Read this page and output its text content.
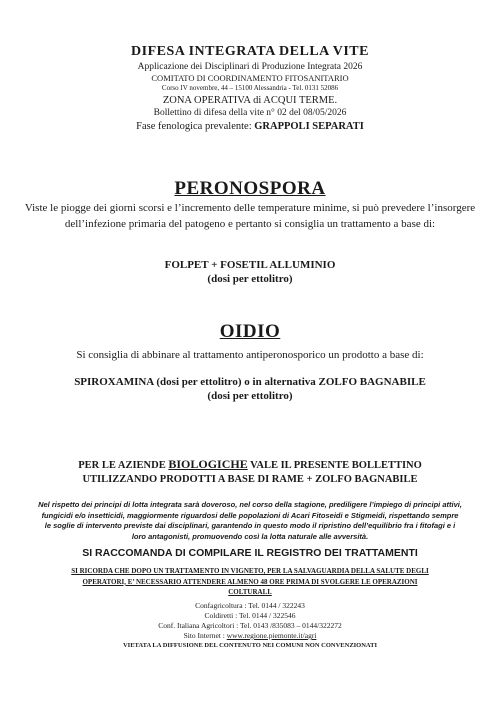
DIFESA INTEGRATA DELLA VITE
Applicazione dei Disciplinari di Produzione Integrata 2026
COMITATO DI COORDINAMENTO FITOSANITARIO
Corso IV novembre, 44 – 15100 Alessandria - Tel. 0131 52086
ZONA OPERATIVA di ACQUI TERME.
Bollettino di difesa della vite n° 02 del 08/05/2026
Fase fenologica prevalente: GRAPPOLI SEPARATI
PERONOSPORA
Viste le piogge dei giorni scorsi e l’incremento delle temperature minime, si può prevedere l’insorgere dell’infezione primaria del patogeno e pertanto si consiglia un trattamento a base di:
FOLPET + FOSETIL ALLUMINIO
(dosi per ettolitro)
OIDIO
Si consiglia di abbinare al trattamento antiperonosporico un prodotto a base di:
SPIROXAMINA (dosi per ettolitro) o in alternativa ZOLFO BAGNABILE
(dosi per ettolitro)
PER LE AZIENDE BIOLOGICHE VALE IL PRESENTE BOLLETTINO
UTILIZZANDO PRODOTTI A BASE DI RAME + ZOLFO BAGNABILE
Nel rispetto dei principi di lotta integrata sarà doveroso, nel corso della stagione, prediligere l’impiego di principi attivi, fungicidi e/o insetticidi, maggiormente riguardosi delle popolazioni di Acari Fitoseidi e Stigmeidi, rispettando sempre le soglie di intervento previste dai disciplinari, garantendo in questo modo il ripristino dell’equilibrio fra i fitofagi e i loro antagonisti, promuovendo così la lotta naturale alle avversità.
SI RACCOMANDA DI COMPILARE IL REGISTRO DEI TRATTAMENTI
SI RICORDA CHE DOPO UN TRATTAMENTO IN VIGNETO, PER LA SALVAGUARDIA DELLA SALUTE DEGLI OPERATORI, E’ NECESSARIO ATTENDERE ALMENO 48 ORE PRIMA DI SVOLGERE LE OPERAZIONI COLTURALI.
Confagricoltura : Tel. 0144 / 322243
Coldiretti : Tel. 0144 / 322546
Conf. Italiana Agricoltori : Tel. 0143 /835083 – 0144/322272
Sito Internet : www.regione.piemonte.it/agri
VIETATA LA DIFFUSIONE DEL CONTENUTO NEI COMUNI NON CONVENZIONATI
